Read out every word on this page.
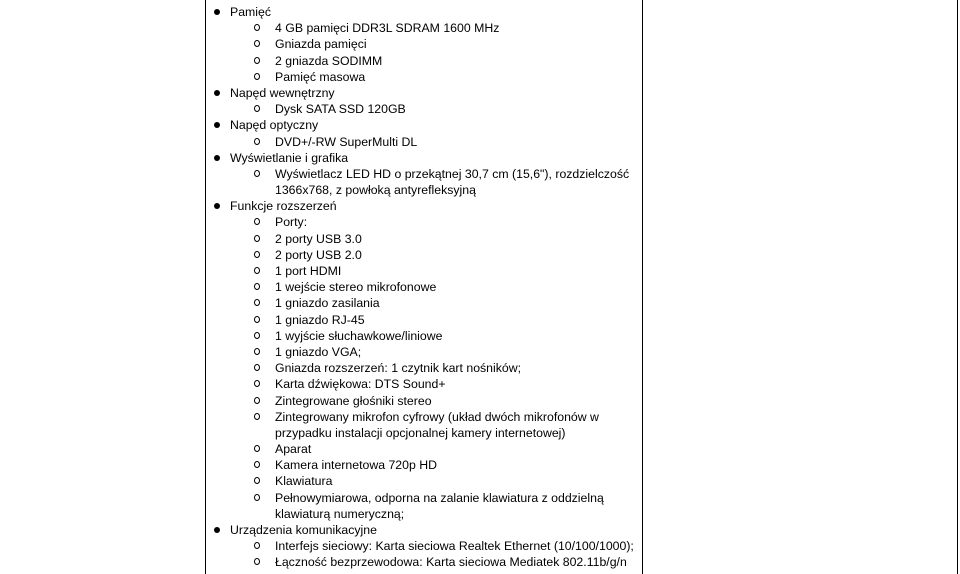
Pamięć
4 GB pamięci DDR3L SDRAM 1600 MHz
Gniazda pamięci
2 gniazda SODIMM
Pamięć masowa
Napęd wewnętrzny
Dysk SATA SSD 120GB
Napęd optyczny
DVD+/-RW SuperMulti DL
Wyświetlanie i grafika
Wyświetlacz LED HD o przekątnej 30,7 cm (15,6"), rozdzielczość
1366x768, z powłoką antyrefleksyjną
Funkcje rozszerzeń
Porty:
2 porty USB 3.0
2 porty USB 2.0
1 port HDMI
1 wejście stereo mikrofonowe
1 gniazdo zasilania
1 gniazdo RJ-45
1 wyjście słuchawkowe/liniowe
1 gniazdo VGA;
Gniazda rozszerzeń: 1 czytnik kart nośników;
Karta dźwiękowa: DTS Sound+
Zintegrowane głośniki stereo
Zintegrowany mikrofon cyfrowy (układ dwóch mikrofonów w
przypadku instalacji opcjonalnej kamery internetowej)
Aparat
Kamera internetowa 720p HD
Klawiatura
Pełnowymiarowa, odporna na zalanie klawiatura z oddzielną
klawiaturą numeryczną;
Urządzenia komunikacyjne
Interfejs sieciowy: Karta sieciowa Realtek Ethernet (10/100/1000);
Łączność bezprzewodowa: Karta sieciowa Mediatek 802.11b/g/n
